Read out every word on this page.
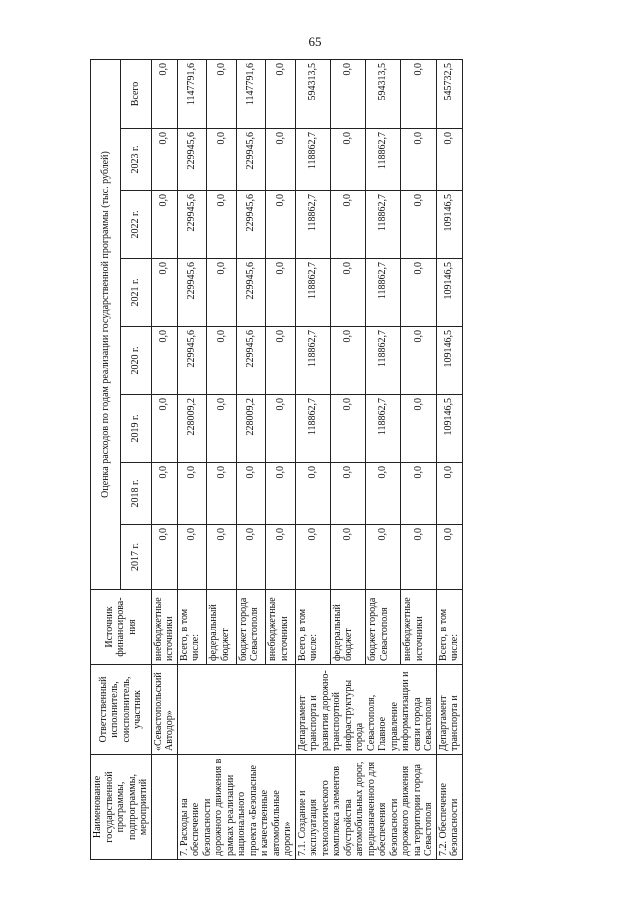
65
Наименование государственной программы, подпрограммы, мероприятий	Ответственный исполнитель, соисполнитель, участник	Источник финансирова-ния	Оценка расходов по годам реализации государственной программы (тыс. рублей)							
			2017 г.	2018 г.	2019 г.	2020 г.	2021 г.	2022 г.	2023 г.	Всего
	«Севастопольский Автодор»	внебюджетные источники	0,0	0,0	0,0	0,0	0,0	0,0	0,0	0,0
7. Расходы на обеспечение безопасности дорожного движения в рамках реализации национального проекта «Безопасные и качественные автомобильные дороги»		Всего, в том числе:	0,0	0,0	228009,2	229945,6	229945,6	229945,6	229945,6	1147791,6
		федеральный бюджет	0,0	0,0	0,0	0,0	0,0	0,0	0,0	0,0
		бюджет города Севастополя	0,0	0,0	228009,2	229945,6	229945,6	229945,6	229945,6	1147791,6
		внебюджетные источники	0,0	0,0	0,0	0,0	0,0	0,0	0,0	0,0
7.1. Создание и эксплуатация технологического комплекса элементов обустройства автомобильных дорог, предназначенного для обеспечения безопасности дорожного движения на территории города Севастополя	Департамент транспорта и развития дорожно-транспортной инфраструктуры города Севастополя, Главное управление информатизации и связи города Севастополя	Всего, в том числе:	0,0	0,0	118862,7	118862,7	118862,7	118862,7	118862,7	594313,5
		федеральный бюджет	0,0	0,0	0,0	0,0	0,0	0,0	0,0	0,0
		бюджет города Севастополя	0,0	0,0	118862,7	118862,7	118862,7	118862,7	118862,7	594313,5
		внебюджетные источники	0,0	0,0	0,0	0,0	0,0	0,0	0,0	0,0
7.2. Обеспечение безопасности	Департамент транспорта и	Всего, в том числе:	0,0	0,0	109146,5	109146,5	109146,5	109146,5	0,0	545732,5
